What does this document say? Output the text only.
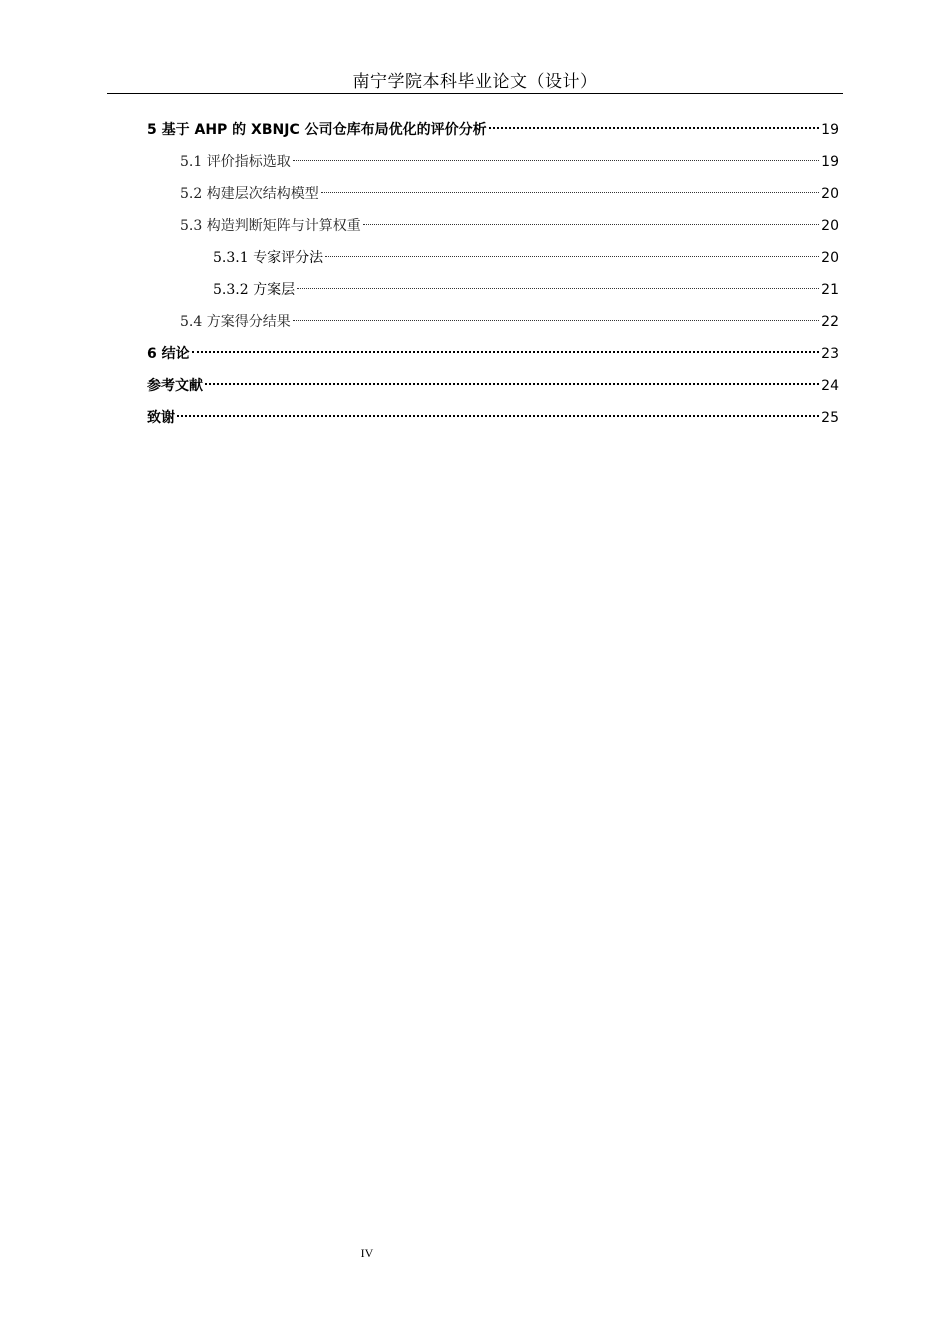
南宁学院本科毕业论文（设计）
5 基于 AHP 的 XBNJC 公司仓库布局优化的评价分析	19
5.1 评价指标选取	19
5.2 构建层次结构模型	20
5.3 构造判断矩阵与计算权重	20
5.3.1 专家评分法	20
5.3.2 方案层	21
5.4 方案得分结果	22
6 结论	23
参考文献	24
致谢	25
IV
